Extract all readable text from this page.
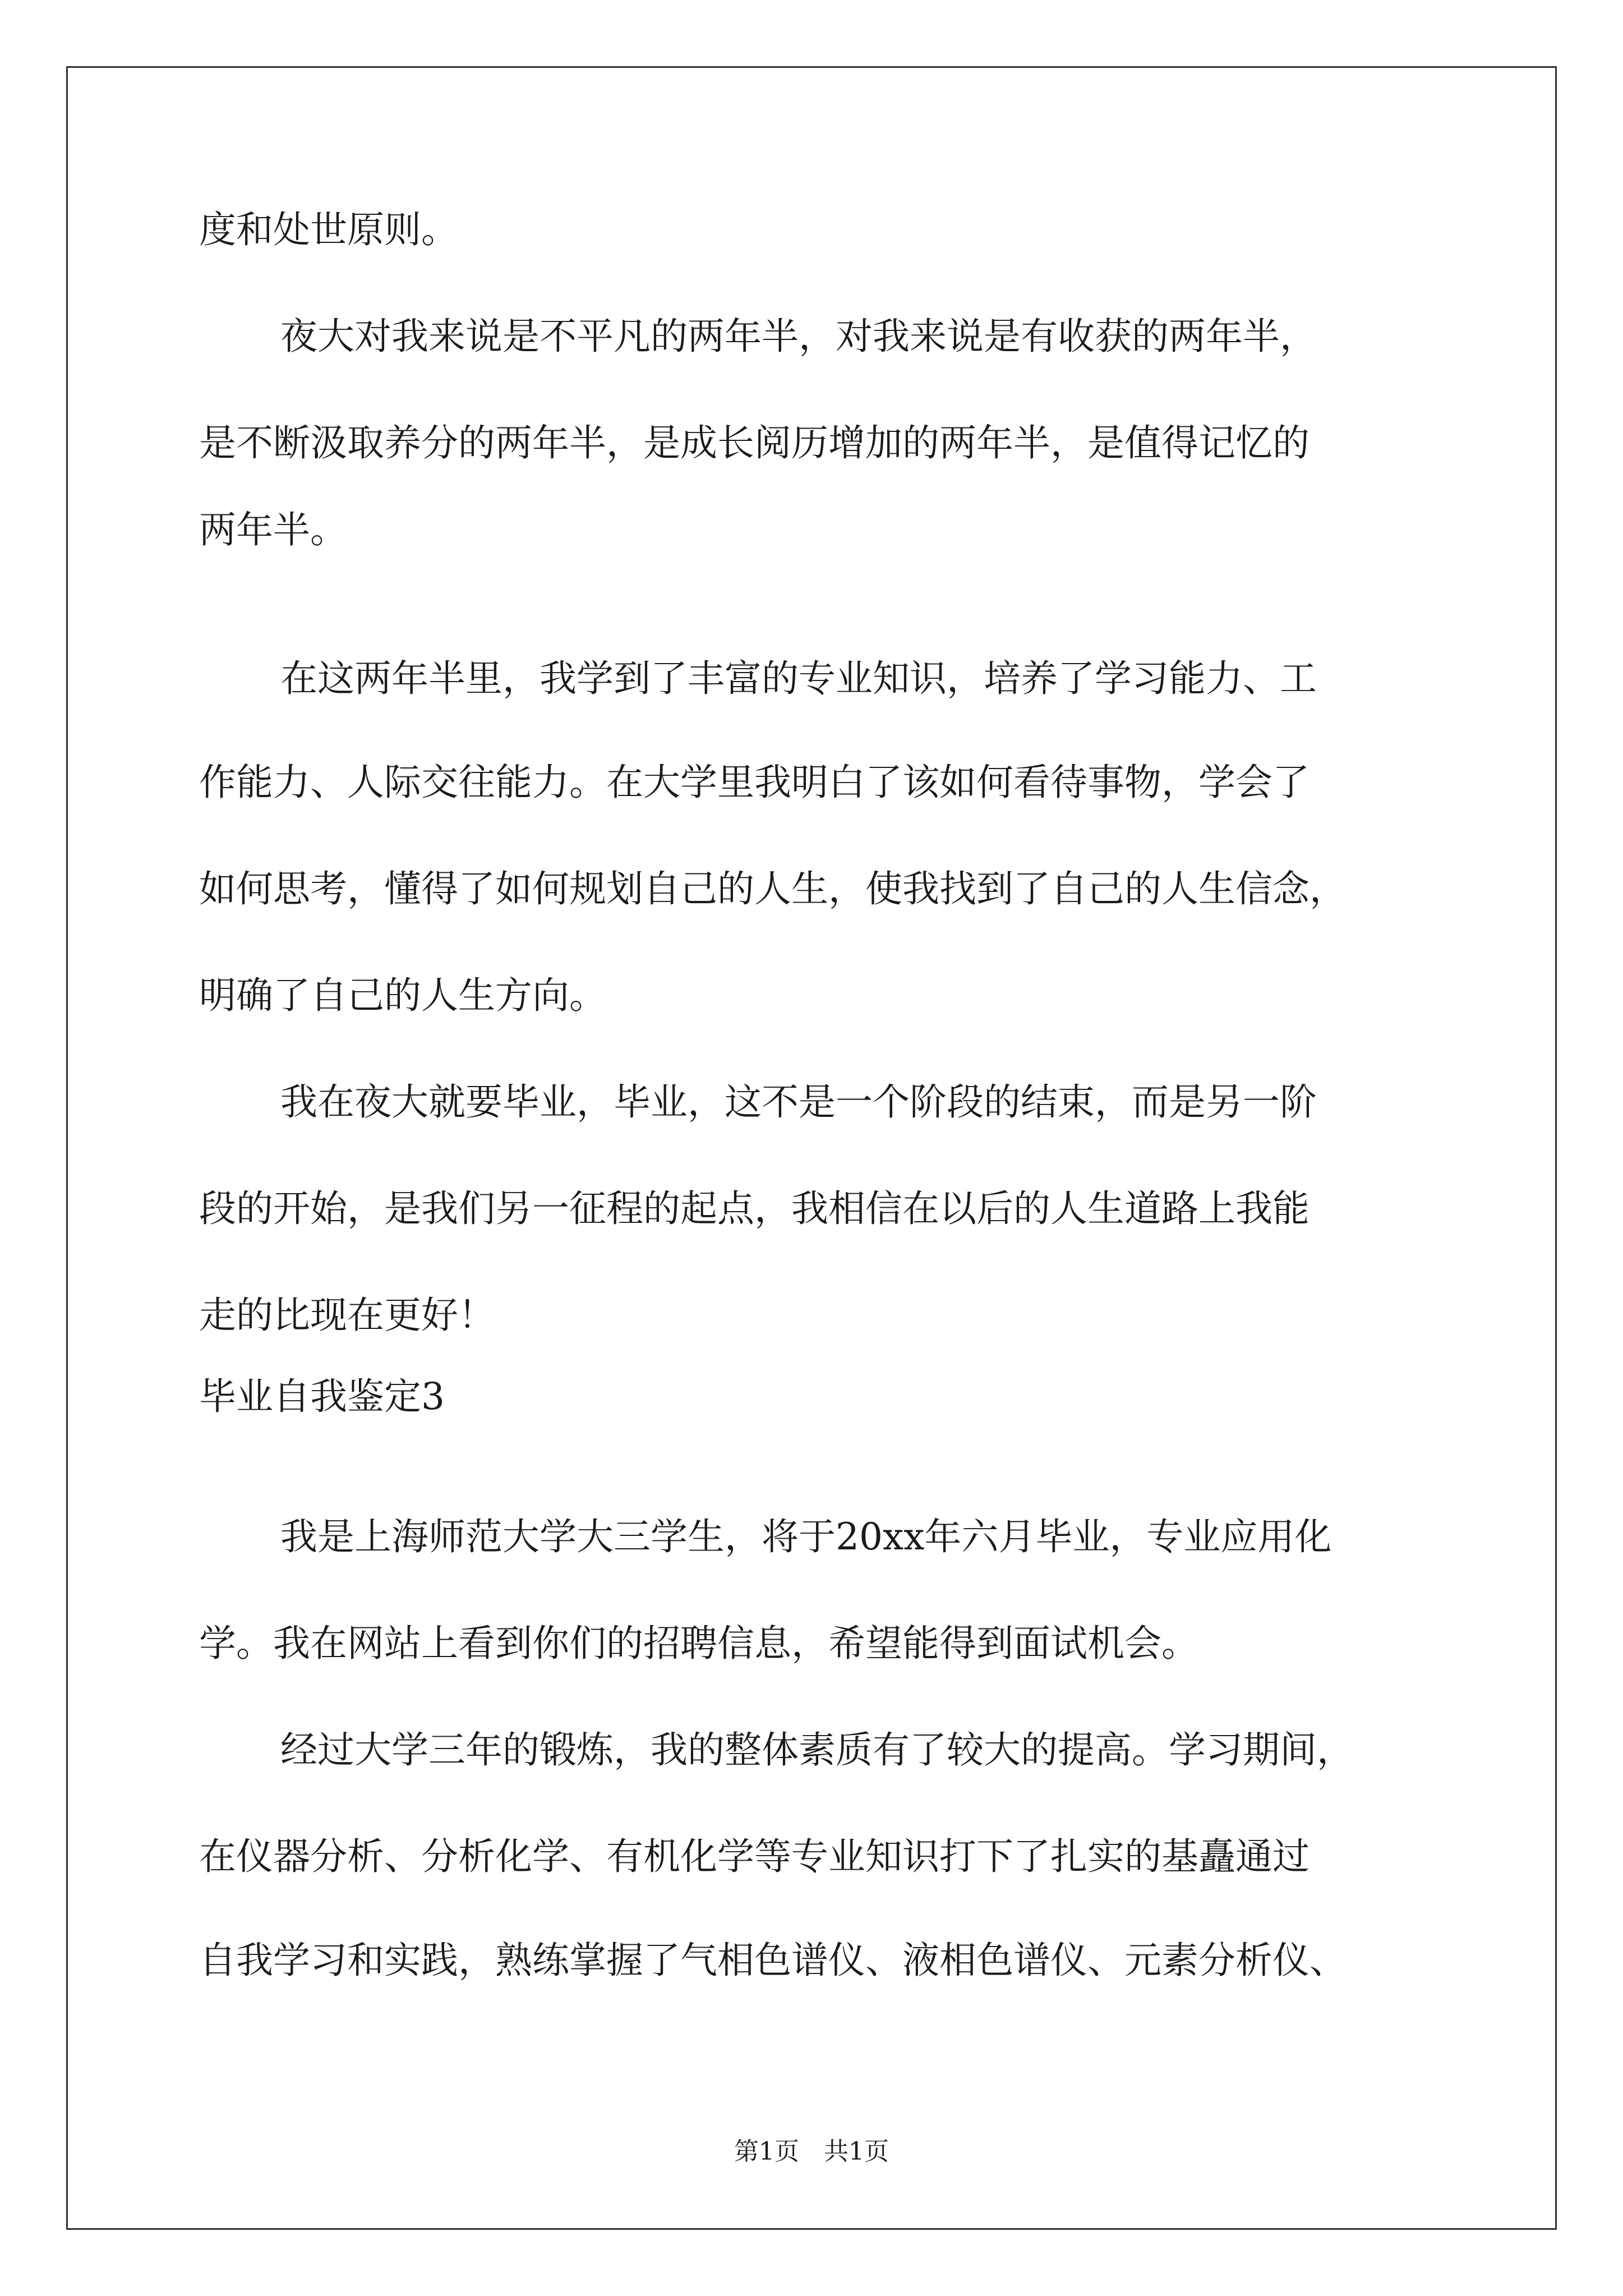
度和处世原则。
夜大对我来说是不平凡的两年半，对我来说是有收获的两年半，
是不断汲取养分的两年半，是成长阅历增加的两年半，是值得记忆的
两年半。
在这两年半里，我学到了丰富的专业知识，培养了学习能力、工
作能力、人际交往能力。在大学里我明白了该如何看待事物，学会了
如何思考，懂得了如何规划自己的人生，使我找到了自己的人生信念，
明确了自己的人生方向。
我在夜大就要毕业，毕业，这不是一个阶段的结束，而是另一阶
段的开始，是我们另一征程的起点，我相信在以后的人生道路上我能
走的比现在更好！
毕业自我鉴定3
我是上海师范大学大三学生，将于20xx年六月毕业，专业应用化
学。我在网站上看到你们的招聘信息，希望能得到面试机会。
经过大学三年的锻炼，我的整体素质有了较大的提高。学习期间，
在仪器分析、分析化学、有机化学等专业知识打下了扎实的基矗通过
自我学习和实践，熟练掌握了气相色谱仪、液相色谱仪、元素分析仪、
第1页　共1页
